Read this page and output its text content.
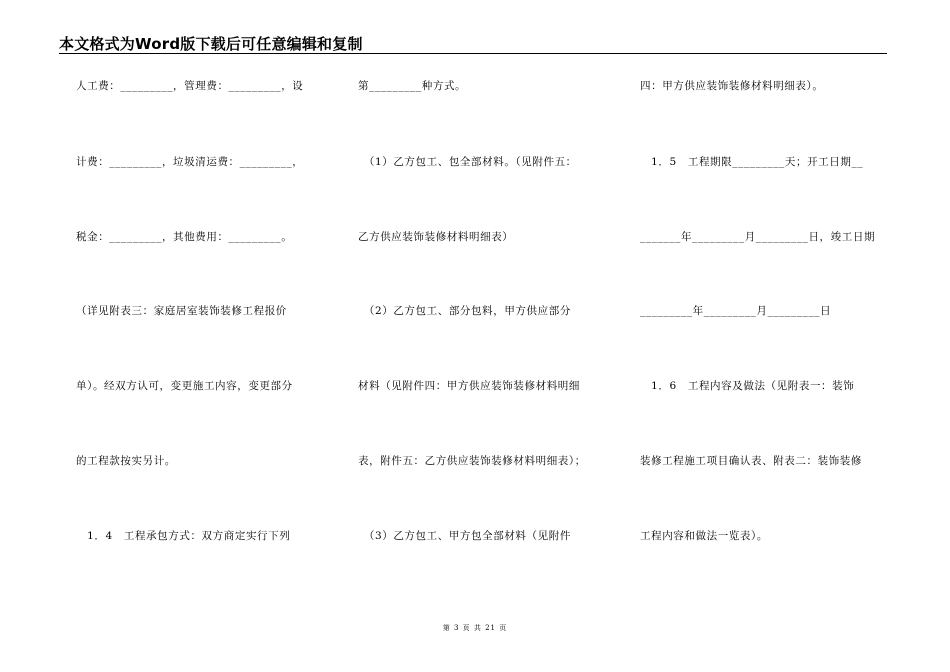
本文格式为Word版下载后可任意编辑和复制
人工费：_________，管理费：_________，设
计费：_________，垃圾清运费：_________，
税金：_________，其他费用：_________。
（详见附表三：家庭居室装饰装修工程报价
单）。经双方认可，变更施工内容，变更部分
的工程款按实另计。
　1．4　工程承包方式：双方商定实行下列
第_________种方式。
　（1）乙方包工、包全部材料。（见附件五：
乙方供应装饰装修材料明细表）
　（2）乙方包工、部分包料，甲方供应部分
材料（见附件四：甲方供应装饰装修材料明细
表，附件五：乙方供应装饰装修材料明细表）；
　（3）乙方包工、甲方包全部材料（见附件
四：甲方供应装饰装修材料明细表）。
　1．5　工程期限_________天；开工日期__
_______年_________月_________日，竣工日期
_________年_________月_________日
　1．6　工程内容及做法（见附表一：装饰
装修工程施工项目确认表、附表二：装饰装修
工程内容和做法一览表）。
第 3 页 共 21 页
